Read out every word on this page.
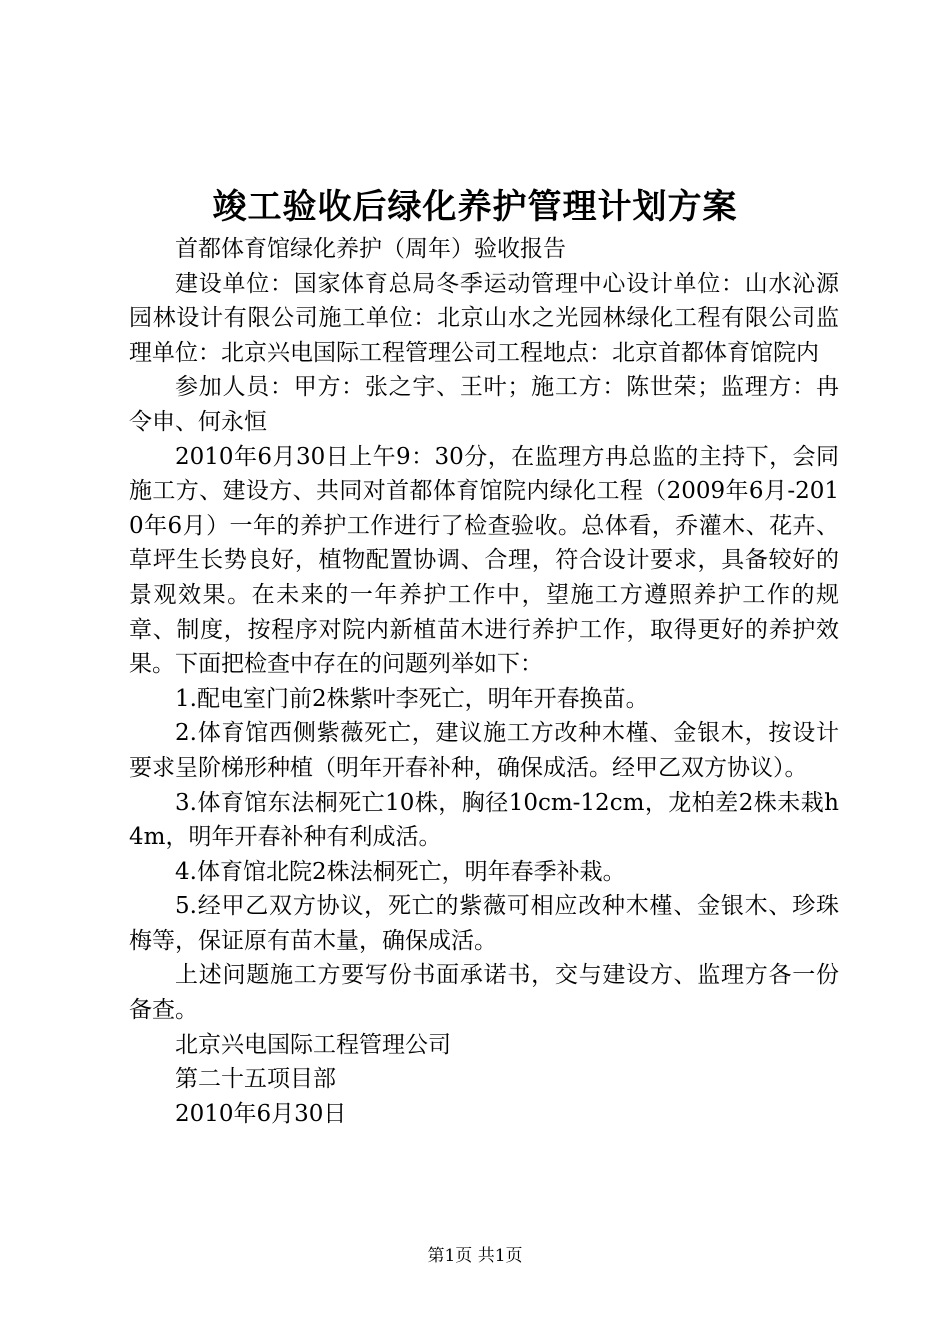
竣工验收后绿化养护管理计划方案

首都体育馆绿化养护（周年）验收报告

建设单位：国家体育总局冬季运动管理中心设计单位：山水沁源园林设计有限公司施工单位：北京山水之光园林绿化工程有限公司监理单位：北京兴电国际工程管理公司工程地点：北京首都体育馆院内

参加人员：甲方：张之宇、王叶；施工方：陈世荣；监理方：冉令申、何永恒

2010年6月30日上午9：30分，在监理方冉总监的主持下，会同施工方、建设方、共同对首都体育馆院内绿化工程（2009年6月-2010年6月）一年的养护工作进行了检查验收。总体看，乔灌木、花卉、草坪生长势良好，植物配置协调、合理，符合设计要求，具备较好的景观效果。在未来的一年养护工作中，望施工方遵照养护工作的规章、制度，按程序对院内新植苗木进行养护工作，取得更好的养护效果。下面把检查中存在的问题列举如下：

1.配电室门前2株紫叶李死亡，明年开春换苗。

2.体育馆西侧紫薇死亡，建议施工方改种木槿、金银木，按设计要求呈阶梯形种植（明年开春补种，确保成活。经甲乙双方协议）。

3.体育馆东法桐死亡10株，胸径10cm-12cm，龙柏差2株未栽h4m，明年开春补种有利成活。

4.体育馆北院2株法桐死亡，明年春季补栽。

5.经甲乙双方协议，死亡的紫薇可相应改种木槿、金银木、珍珠梅等，保证原有苗木量，确保成活。

上述问题施工方要写份书面承诺书，交与建设方、监理方各一份备查。

北京兴电国际工程管理公司

第二十五项目部

2010年6月30日

第1页 共1页
